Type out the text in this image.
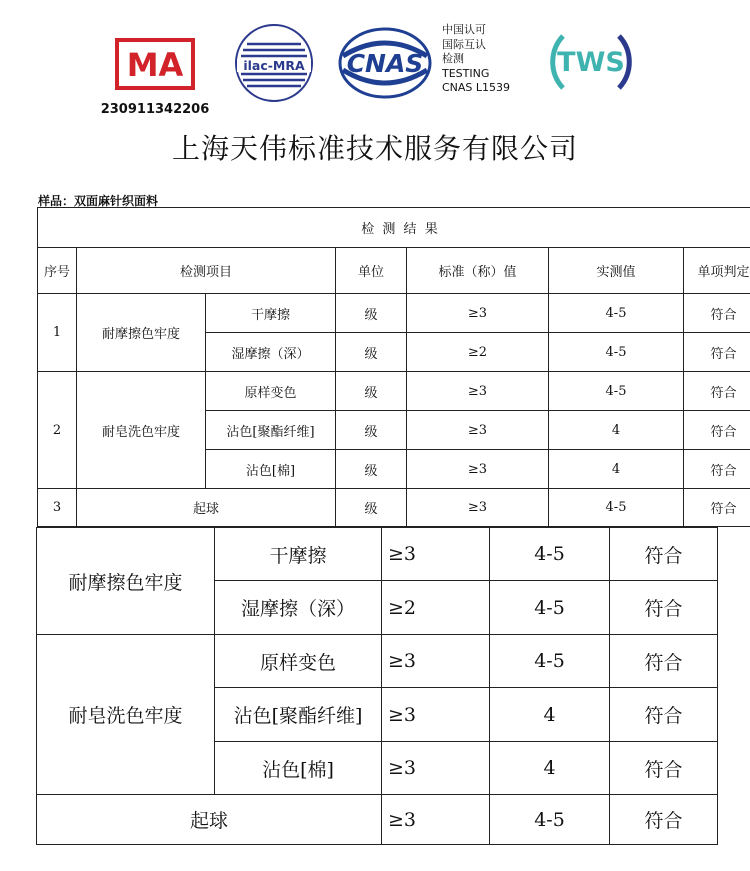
MA
230911342206
ilac-MRA CNAS
中国认可
国际互认
检测
TESTING
CNAS L1539
TWS
上海天伟标准技术服务有限公司
样品：双面麻针织面料
检 测 结 果						
序号	检测项目		单位	标准（称）值	实测值	单项判定
1	耐摩擦色牢度	干摩擦	级	≥3	4-5	符合
		湿摩擦（深）	级	≥2	4-5	符合
2	耐皂洗色牢度	原样变色	级	≥3	4-5	符合
		沾色[聚酯纤维]	级	≥3	4	符合
		沾色[棉]	级	≥3	4	符合
3	起球		级	≥3	4-5	符合
耐摩擦色牢度	干摩擦	≥3	4-5	符合
	湿摩擦（深）	≥2	4-5	符合
耐皂洗色牢度	原样变色	≥3	4-5	符合
	沾色[聚酯纤维]	≥3	4	符合
	沾色[棉]	≥3	4	符合
起球		≥3	4-5	符合
